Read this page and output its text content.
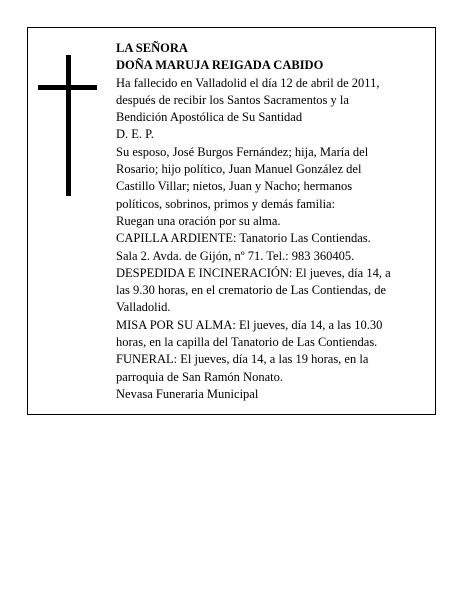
LA SEÑORA
DOÑA MARUJA REIGADA CABIDO
Ha fallecido en Valladolid el día 12 de abril de 2011,
después de recibir los Santos Sacramentos y la
Bendición Apostólica de Su Santidad
D. E. P.
Su esposo, José Burgos Fernández; hija, María del
Rosario; hijo político, Juan Manuel González del
Castillo Villar; nietos, Juan y Nacho; hermanos
políticos, sobrinos, primos y demás familia:
Ruegan una oración por su alma.
CAPILLA ARDIENTE: Tanatorio Las Contiendas.
Sala 2. Avda. de Gijón, nº 71. Tel.: 983 360405.
DESPEDIDA E INCINERACIÓN: El jueves, día 14, a
las 9.30 horas, en el crematorio de Las Contiendas, de
Valladolid.
MISA POR SU ALMA: El jueves, día 14, a las 10.30
horas, en la capilla del Tanatorio de Las Contiendas.
FUNERAL: El jueves, día 14, a las 19 horas, en la
parroquia de San Ramón Nonato.
Nevasa Funeraria Municipal
